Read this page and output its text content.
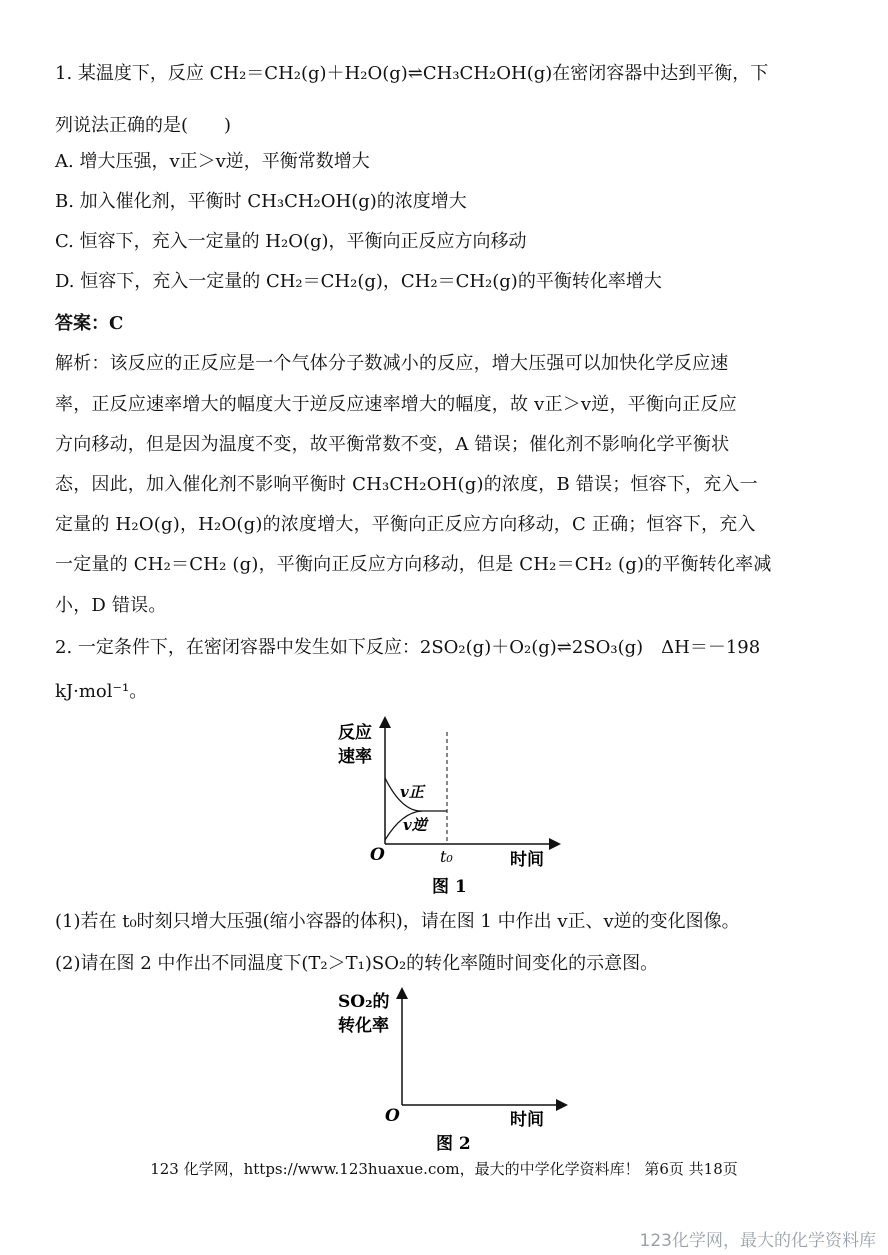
1. 某温度下，反应 CH₂＝CH₂(g)＋H₂O(g)⇌CH₃CH₂OH(g)在密闭容器中达到平衡，下
列说法正确的是(　　)
A. 增大压强，v正＞v逆，平衡常数增大
B. 加入催化剂，平衡时 CH₃CH₂OH(g)的浓度增大
C. 恒容下，充入一定量的 H₂O(g)，平衡向正反应方向移动
D. 恒容下，充入一定量的 CH₂＝CH₂(g)，CH₂＝CH₂(g)的平衡转化率增大
答案：C
解析：该反应的正反应是一个气体分子数减小的反应，增大压强可以加快化学反应速
率，正反应速率增大的幅度大于逆反应速率增大的幅度，故 v正＞v逆，平衡向正反应
方向移动，但是因为温度不变，故平衡常数不变，A 错误；催化剂不影响化学平衡状
态，因此，加入催化剂不影响平衡时 CH₃CH₂OH(g)的浓度，B 错误；恒容下，充入一
定量的 H₂O(g)，H₂O(g)的浓度增大，平衡向正反应方向移动，C 正确；恒容下，充入
一定量的 CH₂＝CH₂ (g)，平衡向正反应方向移动，但是 CH₂＝CH₂ (g)的平衡转化率减
小，D 错误。
2. 一定条件下，在密闭容器中发生如下反应：2SO₂(g)＋O₂(g)⇌2SO₃(g)　ΔH＝－198
kJ·mol⁻¹。
反应
速率
v正
v逆
O	t₀	时间
图 1
(1)若在 t₀时刻只增大压强(缩小容器的体积)，请在图 1 中作出 v正、v逆的变化图像。
(2)请在图 2 中作出不同温度下(T₂＞T₁)SO₂的转化率随时间变化的示意图。
SO₂的
转化率
O	时间
图 2
123 化学网，https://www.123huaxue.com，最大的中学化学资料库！ 第6页 共18页
123化学网，最大的化学资料库
